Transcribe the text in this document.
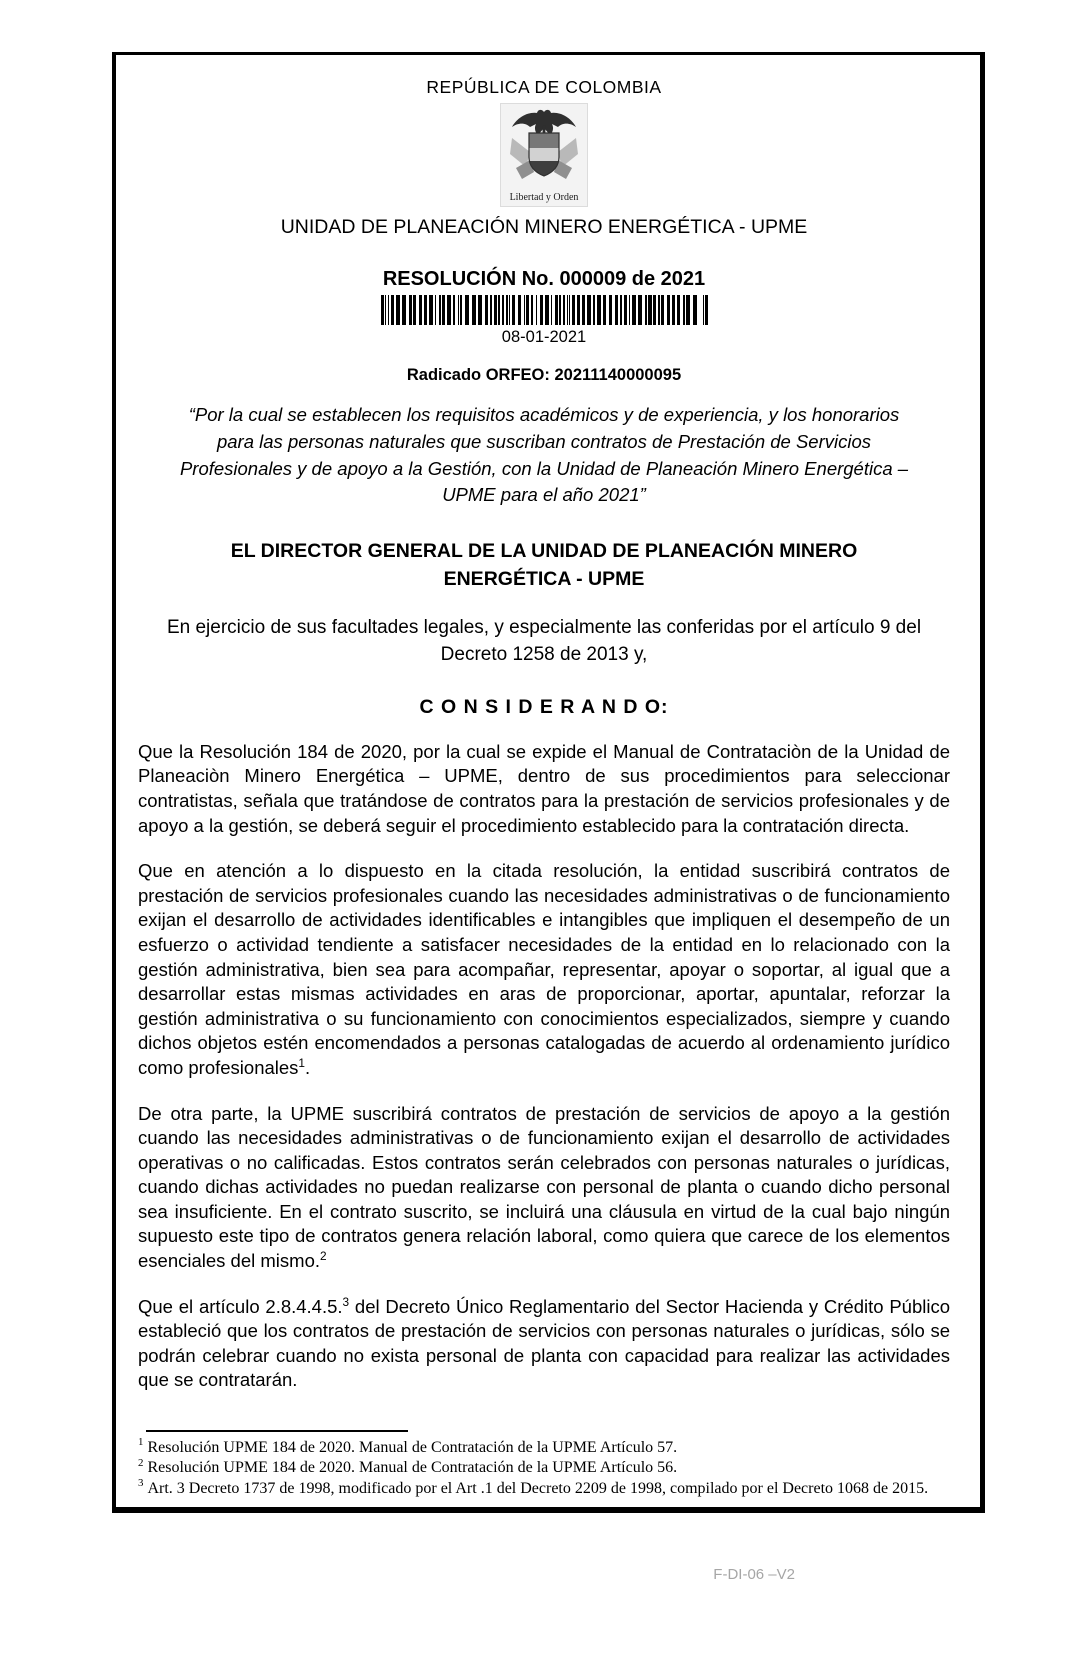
REPÚBLICA DE COLOMBIA
Libertad y Orden
UNIDAD DE PLANEACIÓN MINERO ENERGÉTICA - UPME
RESOLUCIÓN No. 000009 de 2021
08-01-2021
Radicado ORFEO: 20211140000095
“Por la cual se establecen los requisitos académicos y de experiencia, y los honorarios para las personas naturales que suscriban contratos de Prestación de Servicios Profesionales y de apoyo a la Gestión, con la Unidad de Planeación Minero Energética – UPME para el año 2021”
EL DIRECTOR GENERAL DE LA UNIDAD DE PLANEACIÓN MINERO ENERGÉTICA - UPME
En ejercicio de sus facultades legales, y especialmente las conferidas por el artículo 9 del Decreto 1258 de 2013 y,
C O N S I D E R A N D O:

Que la Resolución 184 de 2020, por la cual se expide el Manual de Contrataciòn de la Unidad de Planeaciòn Minero Energética – UPME, dentro de sus procedimientos para seleccionar contratistas, señala que tratándose de contratos para la prestación de servicios profesionales y de apoyo a la gestión, se deberá seguir el procedimiento establecido para la contratación directa.

Que en atención a lo dispuesto en la citada resolución, la entidad suscribirá contratos de prestación de servicios profesionales cuando las necesidades administrativas o de funcionamiento exijan el desarrollo de actividades identificables e intangibles que impliquen el desempeño de un esfuerzo o actividad tendiente a satisfacer necesidades de la entidad en lo relacionado con la gestión administrativa, bien sea para acompañar, representar, apoyar o soportar, al igual que a desarrollar estas mismas actividades en aras de proporcionar, aportar, apuntalar, reforzar la gestión administrativa o su funcionamiento con conocimientos especializados, siempre y cuando dichos objetos estén encomendados a personas catalogadas de acuerdo al ordenamiento jurídico como profesionales$^1$.

De otra parte, la UPME suscribirá contratos de prestación de servicios de apoyo a la gestión cuando las necesidades administrativas o de funcionamiento exijan el desarrollo de actividades operativas o no calificadas. Estos contratos serán celebrados con personas naturales o jurídicas, cuando dichas actividades no puedan realizarse con personal de planta o cuando dicho personal sea insuficiente. En el contrato suscrito, se incluirá una cláusula en virtud de la cual bajo ningún supuesto este tipo de contratos genera relación laboral, como quiera que carece de los elementos esenciales del mismo.$^2$

Que el artículo 2.8.4.4.5.$^3$ del Decreto Único Reglamentario del Sector Hacienda y Crédito Público estableció que los contratos de prestación de servicios con personas naturales o jurídicas, sólo se podrán celebrar cuando no exista personal de planta con capacidad para realizar las actividades que se contratarán.

$^1$ Resolución UPME 184 de 2020. Manual de Contratación de la UPME Artículo 57.
$^2$ Resolución UPME 184 de 2020. Manual de Contratación de la UPME Artículo 56.
$^3$ Art. 3 Decreto 1737 de 1998, modificado por el Art .1 del Decreto 2209 de 1998, compilado por el Decreto 1068 de 2015.
F-DI-06 –V2
